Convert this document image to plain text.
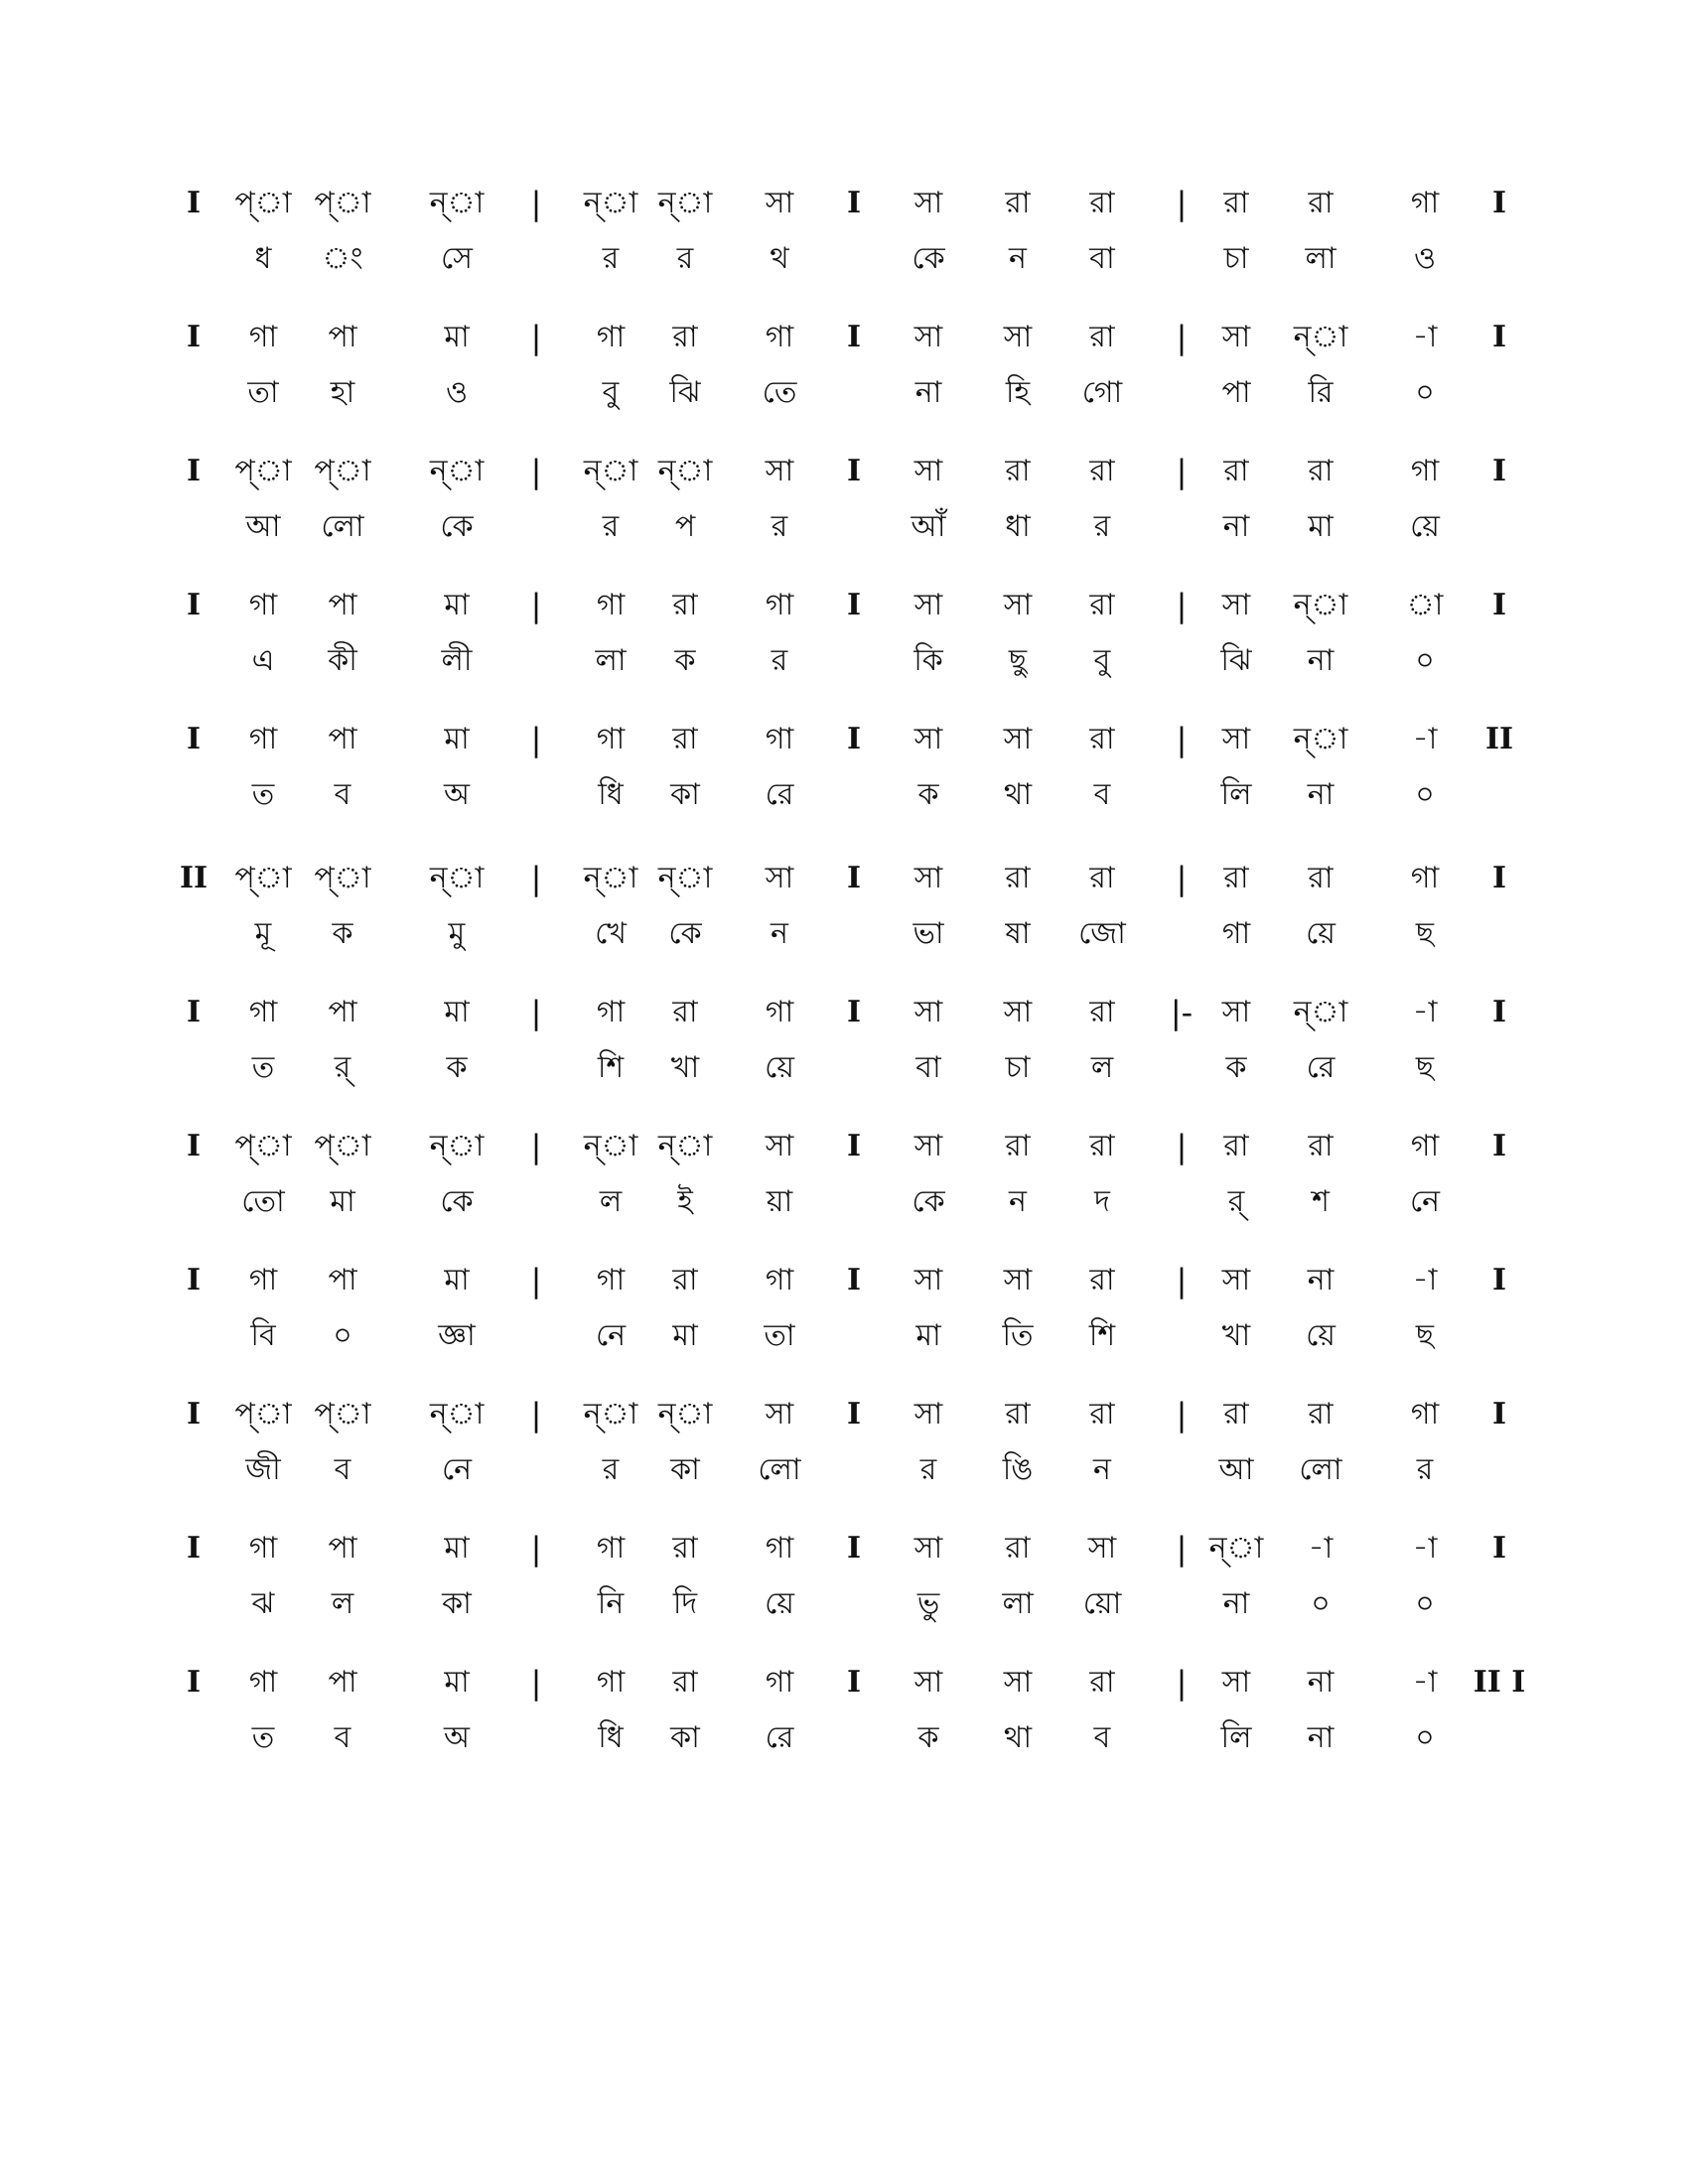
I	|	I	|	I
প্‌া প্‌া ন্‌া	ন্‌া ন্‌া	সা	সা	রা	রা	রা	রা	গা
ধ	ং	সে	র	র	থ	কে	ন	বা	চা	লা	ও
I	|	I	|	I
গা	পা	মা	গা	রা	গা	সা	সা	রা	সা	ন্‌া	-া
তা	হা	ও	বু	ঝি	তে	না	হি	গো	পা	রি	০
I	|	I	|	I
প্‌া প্‌া ন্‌া	ন্‌া ন্‌া	সা	সা	রা	রা	রা	রা	গা
আ	লো	কে	র	প	র	আঁ	ধা	র	না	মা	য়ে
I	|	I	|	I
গা	পা	মা	গা	রা	গা	সা	সা	রা	সা	ন্‌া	া
এ	কী	লী	লা	ক	র	কি	ছু	বু	ঝি	না	০
I	|	I	|	II
গা	পা	মা	গা	রা	গা	সা	সা	রা	সা	ন্‌া	-া
ত	ব	অ	ধি	কা	রে	ক	থা	ব	লি	না	০
II	|	I	|	I
প্‌া প্‌া ন্‌া	ন্‌া ন্‌া	সা	সা	রা	রা	রা	রা	গা
মূ	ক	মু	খে	কে	ন	ভা	ষা	জো	গা	য়ে	ছ
I	|	I	|-	I
গা	পা	মা	গা	রা	গা	সা	সা	রা	সা	ন্‌া	-া
ত	র্	ক	শি	খা	য়ে	বা	চা	ল	ক	রে	ছ
I	|	I	|	I
প্‌া প্‌া ন্‌া	ন্‌া ন্‌া	সা	সা	রা	রা	রা	রা	গা
তো	মা	কে	ল	ই	য়া	কে	ন	দ	র্	শ	নে
I	|	I	|	I
গা	পা	মা	গা	রা	গা	সা	সা	রা	সা	না	-া
বি	০	জ্ঞা	নে	মা	তা	মা	তি	শি	খা	য়ে	ছ
I	|	I	|	I
প্‌া প্‌া ন্‌া	ন্‌া ন্‌া	সা	সা	রা	রা	রা	রা	গা
জী	ব	নে	র	কা	লো	র	ঙি	ন	আ	লো	র
I	|	I	|	I
গা	পা	মা	গা	রা	গা	সা	রা	সা	ন্‌া	-া	-া
ঝ	ল	কা	নি	দি	য়ে	ভু	লা	য়ো	না	০	০
I	|	I	|	II I
গা	পা	মা	গা	রা	গা	সা	সা	রা	সা	না	-া
ত	ব	অ	ধি	কা	রে	ক	থা	ব	লি	না	০
